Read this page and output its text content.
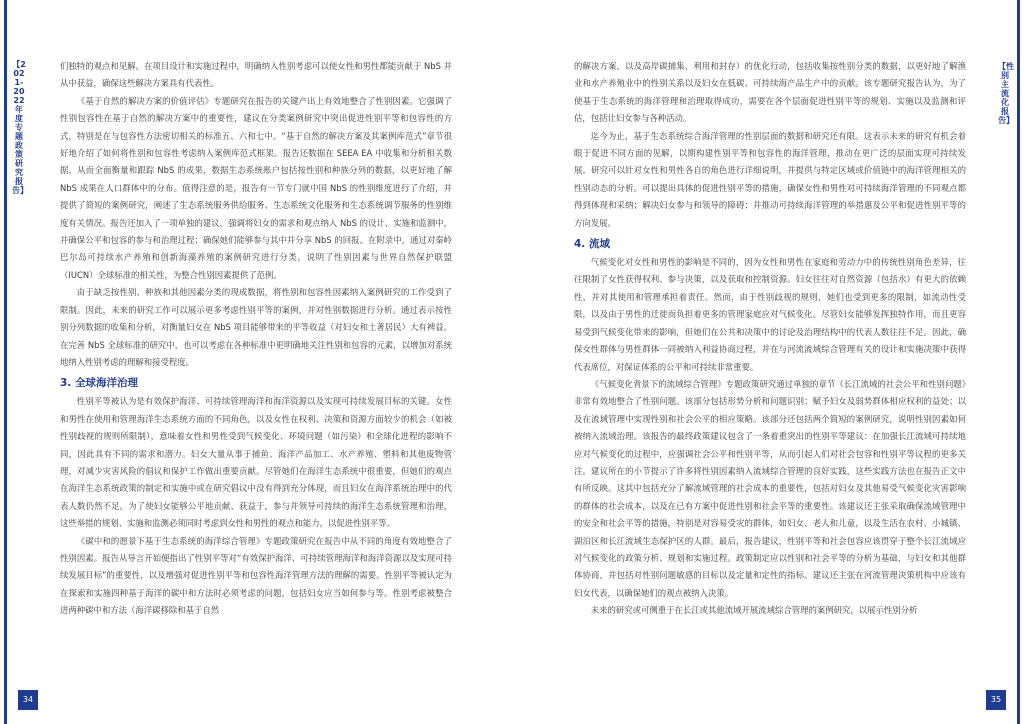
【2021-2022年度专题政策研究报告】

们独特的观点和见解。在项目设计和实施过程中，明确纳入性别考虑可以使女性和男性都能贡献于 NbS 并从中获益，确保这些解决方案具有代表性。

《基于自然的解决方案的价值评估》专题研究在报告的关键产出上有效地整合了性别因素。它强调了性别包容性在基于自然的解决方案中的重要性，建议在分类案例研究中突出促进性别平等和包容性的方式，特别是在与包容性方法密切相关的标准五、六和七中。“基于自然的解决方案及其案例库范式”章节很好地介绍了如何将性别和包容性考虑纳入案例库范式框架。报告还数据在 SEEA EA 中收集和分析相关数据，从而全面衡量和跟踪 NbS 的成果，数据生态系统账户包括按性别和种族分列的数据，以更好地了解 NbS 成果在人口群体中的分布。值得注意的是，报告有一节专门就中国 NbS 的性别维度进行了介绍，并提供了简短的案例研究，阐述了生态系统服务供给服务、生态系统文化服务和生态系统调节服务的性别维度有关情况。报告还加入了一项单独的建议，强调将妇女的需求和观点纳入 NbS 的设计、实施和监测中，并确保公平和包容的参与和治理过程；确保她们能够参与其中并分享 NbS 的回报。在附录中，通过对秦岭巴尔岛可持续水产养殖和创新海藻养殖的案例研究进行分类，说明了性别因素与世界自然保护联盟（IUCN）全球标准的相关性，为整合性别因素提供了范例。

由于缺乏按性别、种族和其他因素分类的现成数据，将性别和包容性因素纳入案例研究的工作受到了限制。因此，未来的研究工作可以展示更多考虑性别平等的案例，并对性别数据进行分析。通过表示按性别分列数据的收集和分析，对衡量妇女在 NbS 项目能够带来的平等收益（对妇女和土著居民）大有裨益。在完善 NbS 全球标准的研究中，也可以考虑在各种标准中更明确地关注性别和包容的元素，以增加对系统地纳入性别考虑的理解和接受程度。

3. 全球海洋治理

性别平等被认为是有效保护海洋、可持续管理海洋和海洋资源以及实现可持续发展目标的关键。女性和男性在使用和管理海洋生态系统方面的不同角色，以及女性在权利、决策和资源方面较少的机会（如被性别歧视的规则所限制），意味着女性和男性受到气候变化、环境问题（如污染）和全球化进程的影响不同，因此具有不同的需求和潜力。妇女大量从事于捕鱼、海洋产品加工、水产养殖、塑料和其他废物管理，对减少灾害风险的倡议和保护工作做出重要贡献。尽管她们在海洋生态系统中很重要，但她们的观点在海洋生态系统政策的制定和实施中或在研究倡议中没有得到充分体现，而且妇女在海洋系统治理中的代表人数仍然不足。为了使妇女能够公平地贡献、获益于，参与并领导可持续的海洋生态系统管理和治理，这些举措的规划、实施和监测必须同时考虑到女性和男性的观点和能力，以促进性别平等。

《碳中和的愿景下基于生态系统的海洋综合管理》专题政策研究在报告中从不同的角度有效地整合了性别因素。报告从导言开始便指出了性别平等对“有效保护海洋、可持续管理海洋和海洋资源以及实现可持续发展目标”的重要性，以及增强对促进性别平等和包容性海洋管理方法的理解的需要。性别平等被认定为在探索和实施四种基于海洋的碳中和方法时必须考虑的问题，包括妇女应当如何参与等。性别考虑被整合进两种碳中和方法（海洋碳移除和基于自然

34
【性别主流化报告】

的解决方案，以及高岸碳捕集、利用和封存）的优化行动，包括收集按性别分类的数据，以更好地了解渔业和水产养殖业中的性别关系以及妇女在低碳、可持续海产品生产中的贡献。该专题研究报告认为，为了使基于生态系统的海洋管理和治理取得成功，需要在各个层面促进性别平等的规划、实施以及监测和评估，包括让妇女参与各种活动。

迄今为止，基于生态系统综合海洋管理的性别层面的数据和研究还有限。这表示未来的研究有机会着眼于促进不同方面的见解，以期构建性别平等和包容性的海洋管理，推动在更广泛的层面实现可持续发展。研究可以针对女性和男性各自的角色进行详细说明，并提供与特定区域或价值链中的海洋管理相关的性别动态的分析。可以提出具体的促进性别平等的措施，确保女性和男性对可持续海洋管理的不同观点都得到体现和采纳；解决妇女参与和领导的障碍；并推动可持续海洋管理的举措惠及公平和促进性别平等的方向发展。

4. 流域

气候变化对女性和男性的影响是不同的，因为女性和男性在家庭和劳动力中的传统性别角色差异，往往限制了女性获得权利、参与决策，以及获取和控制资源。妇女往往对自然资源（包括水）有更大的依赖性，并对其使用和管理承担着责任。然而，由于性别歧视的规则，她们也受到更多的限制，如流动性受限，以及由于男性的迁徙而负担着更多的管理家庭应对气候变化。尽管妇女能够发挥独特作用，而且更容易受到气候变化带来的影响，但她们在公共和决策中的讨论及治理结构中的代表人数往往不足。因此，确保女性群体与男性群体一同被纳入利益协商过程，并在与河流流域综合管理有关的设计和实施决策中获得代表席位，对保证体系的公平和可持续非常重要。

《气候变化背景下的流域综合管理》专题政策研究通过单独的章节《长江流域的社会公平和性别问题》非常有效地整合了性别问题。该部分包括形势分析和问题识别；赋予妇女及弱势群体相应权利的益处；以及在流域管理中实现性别和社会公平的相应策略。该部分还包括两个简短的案例研究，说明性别因素如何被纳入流域治理。该报告的最终政策建议包含了一条着重突出的性别平等建议：在加强长江流域可持续地应对气候变化的过程中，应强调社会公平和性别平等，从而引起人们对社会包容和性别平等议程的更多关注。建议所在的小节提示了许多将性别因素纳入流域综合管理的良好实践，这些实践方法也在报告正文中有所反映。这其中包括充分了解流域管理的社会成本的重要性，包括对妇女及其他易受气候变化灾害影响的群体的社会成本，以及在已有方案中促进性别和社会平等的重要性。该建议还主张采取确保流域管理中的安全和社会平等的措施，特别是对容易受灾的群体，如妇女、老人和儿童，以及生活在农村、小城镇、湖泊区和长江流域生态保护区的人群。最后，报告建议，性别平等和社会包容应该贯穿于整个长江流域应对气候变化的政策分析、规划和实施过程。政策制定应以性别和社会平等的分析为基础，与妇女和其他群体协商，并包括对性别问题敏感的目标以及定量和定性的指标。建议还主张在河流管理决策机构中应该有妇女代表，以确保她们的观点被纳入决策。

未来的研究或可侧重于在长江或其他流域开展流域综合管理的案例研究，以展示性别分析

35
